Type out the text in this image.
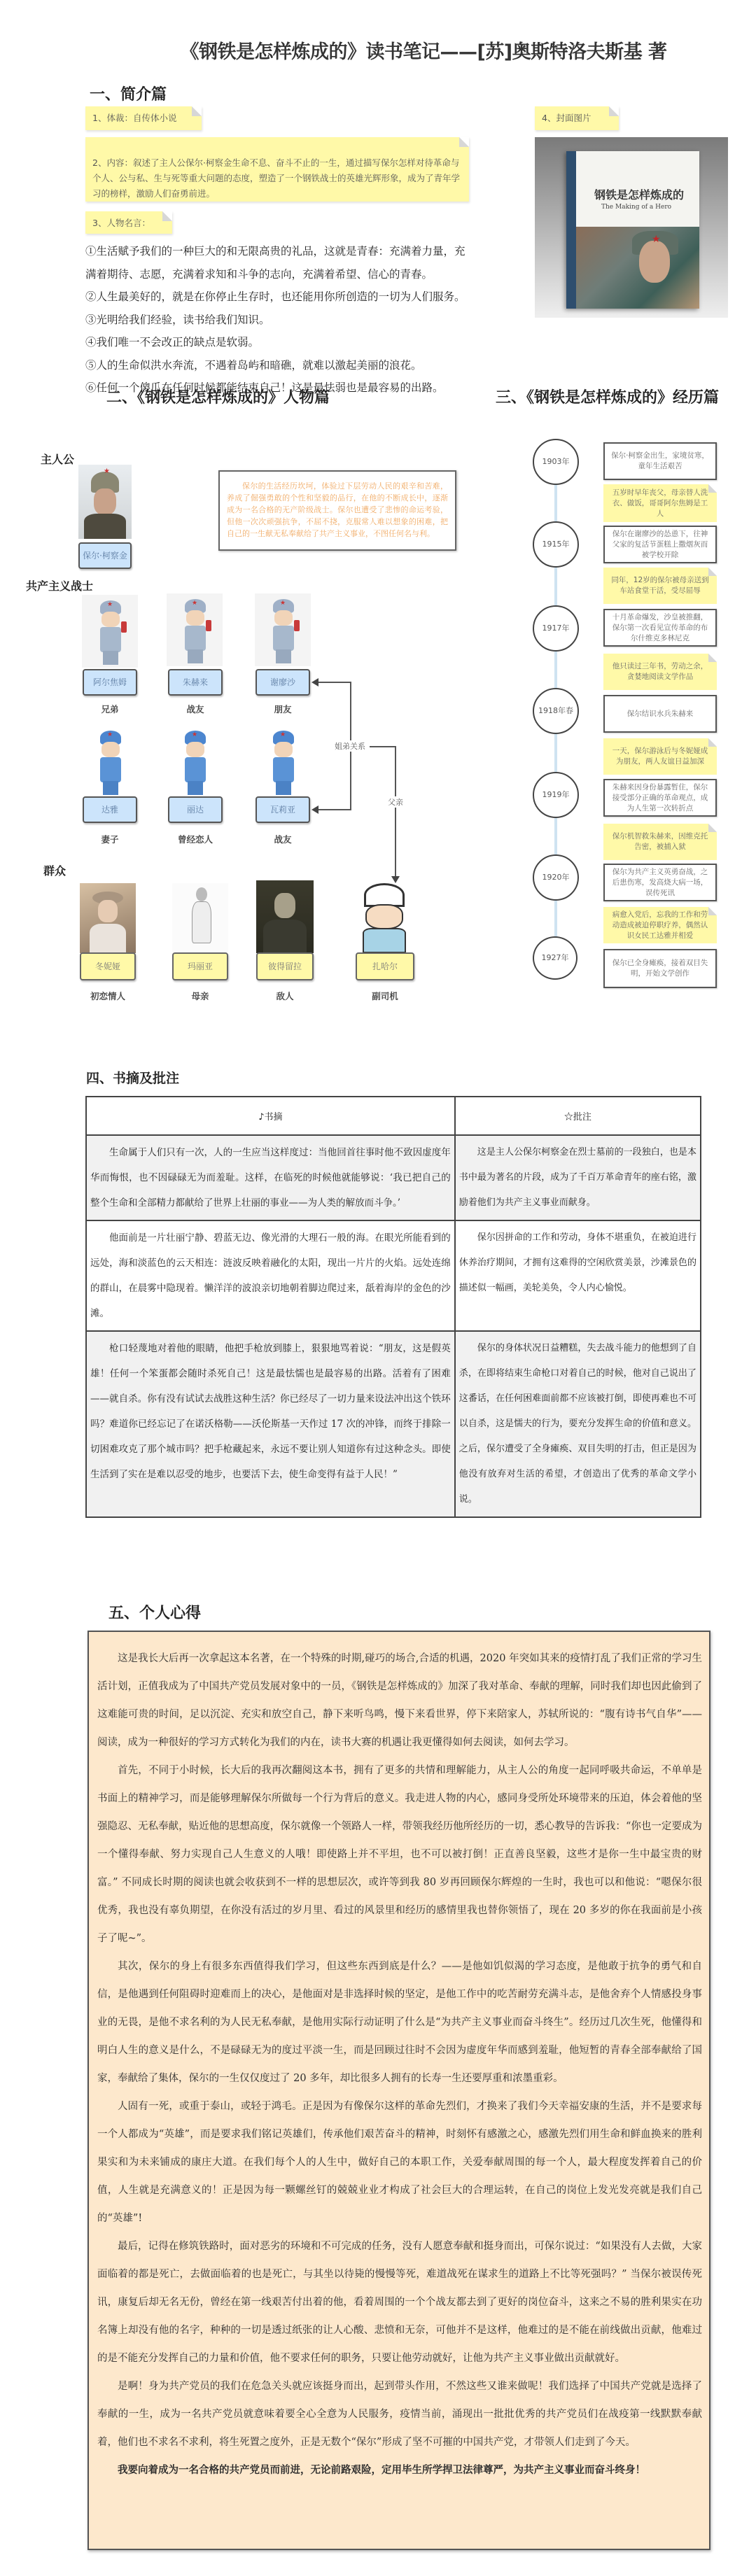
《钢铁是怎样炼成的》读书笔记——[苏]奥斯特洛夫斯基 著
一、简介篇
1、体裁：自传体小说
2、内容：叙述了主人公保尔·柯察金生命不息、奋斗不止的一生，通过描写保尔怎样对待革命与个人、公与私、生与死等重大问题的态度，塑造了一个钢铁战士的英雄光辉形象，成为了青年学习的榜样，激励人们奋勇前进。
3、人物名言：
①生活赋予我们的一种巨大的和无限高贵的礼品，这就是青春：充满着力量，充
满着期待、志愿，充满着求知和斗争的志向，充满着希望、信心的青春。
②人生最美好的，就是在你停止生存时，也还能用你所创造的一切为人们服务。
③光明给我们经验，读书给我们知识。
④我们唯一不会改正的缺点是软弱。
⑤人的生命似洪水奔流，不遇着岛屿和暗礁，就难以激起美丽的浪花。
⑥任何一个傻瓜在任何时候都能结束自己！这是最怯弱也是最容易的出路。
4、封面图片
钢铁是怎样炼成的
The Making of a Hero
★
二、《钢铁是怎样炼成的》人物篇
主人公
★
保尔·柯察金
保尔的生活经历坎坷，体验过下层劳动人民的艰辛和苦难，养成了倔强勇敢的个性和坚毅的品行，在他的不断成长中，逐渐成为一名合格的无产阶级战士。保尔也遭受了悲惨的命运考验，但他一次次顽强抗争，不屈不挠，克服常人难以想象的困难，把自己的一生献无私奉献给了共产主义事业，不图任何名与利。
共产主义战士
★
阿尔焦姆
兄弟
★
朱赫来
战友
★
谢廖沙
朋友
★
达雅
妻子
★
丽达
曾经恋人
★
瓦莉亚
战友
姐弟关系
父亲
群众
冬妮娅
初恋情人
玛丽亚
母亲
彼得留拉
敌人
扎哈尔
副司机
三、《钢铁是怎样炼成的》经历篇
1903年
1915年
1917年
1918年春
1919年
1920年
1927年
保尔·柯察金出生，家境贫寒，童年生活艰苦
五岁时早年丧父，母亲替人洗衣、做饭，哥哥阿尔焦姆是工人
保尔在谢廖沙的怂恿下，往神父家的复活节蛋糕上撒烟灰而被学校开除
同年，12岁的保尔被母亲送到车站食堂干活，受尽屈辱
十月革命爆发，沙皇被推翻，保尔第一次看见宣传革命的布尔什维克多林尼克
他只读过三年书，劳动之余，贪婪地阅读文学作品
保尔结识水兵朱赫来
一天，保尔游泳后与冬妮娅成为朋友，两人友谊日益加深
朱赫来因身份暴露暂住，保尔接受部分正确的革命观点，成为人生第一次转折点
保尔机智救朱赫来，因维克托告密，被捕入狱
保尔为共产主义英勇奋战，之后患伤寒，发高烧大病一场，误传死讯
病愈入党后，忘我的工作和劳动造成被迫停职疗养，偶然认识女民工达雅并相爱
保尔已全身瘫痪，接着双目失明，开始文学创作
四、书摘及批注
♪书摘	☆批注

生命属于人们只有一次，人的一生应当这样度过：当他回首往事时他不致因虚度年华而悔恨，也不因碌碌无为而羞耻。这样，在临死的时候他就能够说：‘我已把自己的整个生命和全部精力都献给了世界上壮丽的事业——为人类的解放而斗争。’	这是主人公保尔柯察金在烈士墓前的一段独白，也是本书中最为著名的片段，成为了千百万革命青年的座右铭，激励着他们为共产主义事业而献身。

他面前是一片壮丽宁静、碧蓝无边、像光滑的大理石一般的海。在眼光所能看到的远处，海和淡蓝色的云天相连：涟波反映着融化的太阳，现出一片片的火焰。远处连绵的群山，在晨雾中隐现着。懒洋洋的波浪亲切地朝着脚边爬过来，舐着海岸的金色的沙滩。	保尔因拼命的工作和劳动，身体不堪重负，在被迫进行休养治疗期间，才拥有这难得的空闲欣赏美景，沙滩景色的描述似一幅画，美轮美奂，令人内心愉悦。

枪口轻蔑地对着他的眼睛，他把手枪放到膝上，狠狠地骂着说：“朋友，这是假英雄！任何一个笨蛋都会随时杀死自己！这是最怯懦也是最容易的出路。活着有了困难——就自杀。你有没有试试去战胜这种生活？你已经尽了一切力量来设法冲出这个铁环吗？难道你已经忘记了在诺沃格勒——沃伦斯基一天作过 17 次的冲锋，而终于排除一切困难攻克了那个城市吗？把手枪藏起来，永远不要让别人知道你有过这种念头。即使生活到了实在是难以忍受的地步，也要活下去，使生命变得有益于人民！”	保尔的身体状况日益糟糕，失去战斗能力的他想到了自杀，在即将结束生命枪口对着自己的时候，他对自己说出了这番话，在任何困难面前都不应该被打倒，即使再难也不可以自杀，这是懦夫的行为，要充分发挥生命的价值和意义。之后，保尔遭受了全身瘫痪、双目失明的打击，但正是因为他没有放弃对生活的希望，才创造出了优秀的革命文学小说。

五、个人心得

这是我长大后再一次拿起这本名著，在一个特殊的时期,碰巧的场合,合适的机遇，2020 年突如其来的疫情打乱了我们正常的学习生活计划，正值我成为了中国共产党员发展对象中的一员，《钢铁是怎样炼成的》加深了我对革命、奉献的理解，同时我们却也因此偷到了这难能可贵的时间，足以沉淀、充实和放空自己，静下来听鸟鸣，慢下来看世界，停下来陪家人，苏轼所说的：“腹有诗书气自华”——阅读，成为一种很好的学习方式转化为我们的内在，读书大赛的机遇让我更懂得如何去阅读，如何去学习。

首先，不同于小时候，长大后的我再次翻阅这本书，拥有了更多的共情和理解能力，从主人公的角度一起同呼吸共命运，不单单是书面上的精神学习，而是能够理解保尔所做每一个行为背后的意义。我走进人物的内心，感同身受所处环境带来的压迫，体会着他的坚强隐忍、无私奉献，贴近他的思想高度，保尔就像一个领路人一样，带领我经历他所经历的一切，悉心教导的告诉我：“你也一定要成为一个懂得奉献、努力实现自己人生意义的人哦！即使路上并不平坦，也不可以被打倒！正直善良坚毅，这些才是你一生中最宝贵的财富。” 不同成长时期的阅读也就会收获到不一样的思想层次，或许等到我 80 岁再回顾保尔辉煌的一生时，我也可以和他说：“嗯保尔很优秀，我也没有辜负期望，在你没有活过的岁月里、看过的风景里和经历的感情里我也替你领悟了，现在 20 多岁的你在我面前是小孩子了呢~”。

其次，保尔的身上有很多东西值得我们学习，但这些东西到底是什么？——是他如饥似渴的学习态度，是他敢于抗争的勇气和自信，是他遇到任何阻碍时迎难而上的决心，是他面对是非选择时候的坚定，是他工作中的吃苦耐劳充满斗志，是他舍弃个人情感投身事业的无畏，是他不求名利的为人民无私奉献，是他用实际行动证明了什么是“为共产主义事业而奋斗终生”。经历过几次生死，他懂得和明白人生的意义是什么，不是碌碌无为的度过平淡一生，而是回顾过往时不会因为虚度年华而感到羞耻，他短暂的青春全部奉献给了国家，奉献给了集体，保尔的一生仅仅度过了 20 多年，却比很多人拥有的长寿一生还要厚重和浓墨重彩。

人固有一死，或重于泰山，或轻于鸿毛。正是因为有像保尔这样的革命先烈们，才换来了我们今天幸福安康的生活，并不是要求每一个人都成为“英雄”，而是要求我们铭记英雄们，传承他们艰苦奋斗的精神，时刻怀有感激之心，感激先烈们用生命和鲜血换来的胜利果实和为未来铺成的康庄大道。在我们每个人的人生中，做好自己的本职工作，关爱奉献周围的每一个人，最大程度发挥着自己的价值，人生就是充满意义的！正是因为每一颗螺丝钉的兢兢业业才构成了社会巨大的合理运转，在自己的岗位上发光发亮就是我们自己的“英雄”!

最后，记得在修筑铁路时，面对恶劣的环境和不可完成的任务，没有人愿意奉献和挺身而出，可保尔说过：“如果没有人去做，大家面临着的都是死亡，去做面临着的也是死亡，与其坐以待毙的慢慢等死，难道战死在谋求生的道路上不比等死强吗？” 当保尔被误传死讯，康复后却无名无份，曾经在第一线艰苦付出着的他，看着周围的一个个战友都去到了更好的岗位奋斗，这来之不易的胜利果实在功名簿上却没有他的名字，种种的一切是透过纸张的让人心酸、悲愤和无奈，可他并不是这样，他难过的是不能在前线做出贡献，他难过的是不能充分发挥自己的力量和价值，他不要求任何的职务，只要让他劳动就好，让他为共产主义事业做出贡献就好。

是啊！身为共产党员的我们在危急关头就应该挺身而出，起到带头作用，不然这些又谁来做呢！我们选择了中国共产党就是选择了奉献的一生，成为一名共产党员就意味着要全心全意为人民服务，疫情当前，涌现出一批批优秀的共产党员们在战疫第一线默默奉献着，他们也不求名不求利，将生死置之度外，正是无数个“保尔”形成了坚不可摧的中国共产党，才带领人们走到了今天。

我要向着成为一名合格的共产党员而前进，无论前路艰险，定用毕生所学捍卫法律尊严，为共产主义事业而奋斗终身！
